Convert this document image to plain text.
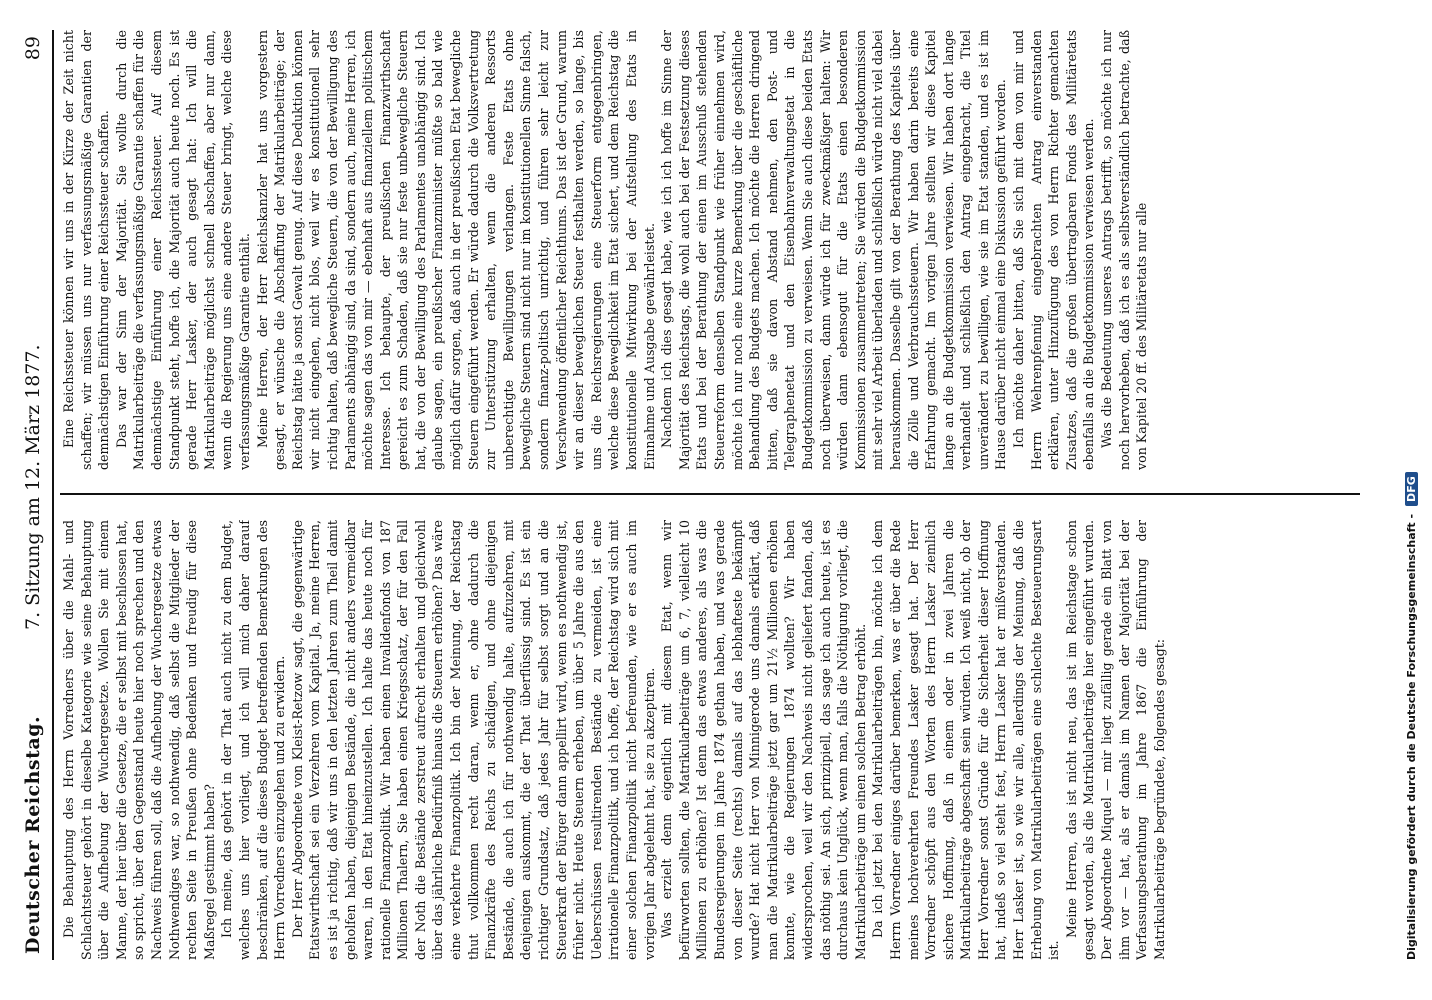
Deutscher Reichstag.
7. Sitzung am 12. März 1877.
89

Die Behauptung des Herrn Vorredners über die Mahl- und Schlachtsteuer gehört in dieselbe Kategorie wie seine Behauptung über die Aufhebung der Wuchergesetze. Wollen Sie mit einem Manne, der hier über die Gesetze, die er selbst mit beschlossen hat, so spricht, über den Gegenstand heute hier noch sprechen und den Nachweis führen soll, daß die Aufhebung der Wuchergesetze etwas Nothwendiges war, so nothwendig, daß selbst die Mitglieder der rechten Seite in Preußen ohne Bedenken und freudig für diese Maßregel gestimmt haben? Ich meine, das gehört in der That auch nicht zu dem Budget, welches uns hier vorliegt, und ich will mich daher darauf beschränken, auf die dieses Budget betreffenden Bemerkungen des Herrn Vorredners einzugehen und zu erwidern. Der Herr Abgeordnete von Kleist-Retzow sagt, die gegenwärtige Etatswirthschaft sei ein Verzehren vom Kapital. Ja, meine Herren, es ist ja richtig, daß wir uns in den letzten Jahren zum Theil damit geholfen haben, diejenigen Bestände, die nicht anders vermeidbar waren, in den Etat hineinzustellen. Ich halte das heute noch für rationelle Finanzpolitik. Wir haben einen Invalidenfonds von 187 Millionen Thalern, Sie haben einen Kriegsschatz, der für den Fall der Noth die Bestände zerstreut aufrecht erhalten und gleichwohl über das jährliche Bedürfniß hinaus die Steuern erhöhen? Das wäre eine verkehrte Finanzpolitik. Ich bin der Meinung, der Reichstag thut vollkommen recht daran, wenn er, ohne dadurch die Finanzkräfte des Reichs zu schädigen, und ohne diejenigen Bestände, die auch ich für nothwendig halte, aufzuzehren, mit denjenigen auskommt, die der That überflüssig sind. Es ist ein richtiger Grundsatz, daß jedes Jahr für selbst sorgt und an die Steuerkraft der Bürger dann appellirt wird, wenn es nothwendig ist, früher nicht. Heute Steuern erheben, um über 5 Jahre die aus den Ueberschüssen resultirenden Bestände zu vermeiden, ist eine irrationelle Finanzpolitik, und ich hoffe, der Reichstag wird sich mit einer solchen Finanzpolitik nicht befreunden, wie er es auch im vorigen Jahr abgelehnt hat, sie zu akzeptiren. Was erzielt denn eigentlich mit diesem Etat, wenn wir befürworten sollten, die Matrikularbeiträge um 6, 7, vielleicht 10 Millionen zu erhöhen? Ist denn das etwas anderes, als was die Bundesregierungen im Jahre 1874 gethan haben, und was gerade von dieser Seite (rechts) damals auf das lebhafteste bekämpft wurde? Hat nicht Herr von Minnigerode uns damals erklärt, daß man die Matrikularbeiträge jetzt gar um 21½ Millionen erhöhen konnte, wie die Regierungen 1874 wollten? Wir haben widersprochen, weil wir den Nachweis nicht geliefert fanden, daß das nöthig sei. An sich, prinzipiell, das sage ich auch heute, ist es durchaus kein Unglück, wenn man, falls die Nöthigung vorliegt, die Matrikularbeiträge um einen solchen Betrag erhöht. Da ich jetzt bei den Matrikularbeiträgen bin, möchte ich dem Herrn Vorredner einiges darüber bemerken, was er über die Rede meines hochverehrten Freundes Lasker gesagt hat. Der Herr Vorredner schöpft aus den Worten des Herrn Lasker ziemlich sichere Hoffnung, daß in einem oder in zwei Jahren die Matrikularbeiträge abgeschafft sein würden. Ich weiß nicht, ob der Herr Vorredner sonst Gründe für die Sicherheit dieser Hoffnung hat, indeß so viel steht fest, Herrn Lasker hat er mißverstanden. Herr Lasker ist, so wie wir alle, allerdings der Meinung, daß die Erhebung von Matrikularbeiträgen eine schlechte Besteuerungsart ist.

Meine Herren, das ist nicht neu, das ist im Reichstage schon gesagt worden, als die Matrikularbeiträge hier eingeführt wurden. Der Abgeordnete Miquel — mir liegt zufällig gerade ein Blatt von ihm vor — hat, als er damals im Namen der Majorität bei der Verfassungsberathung im Jahre 1867 die Einführung der Matrikularbeiträge begründete, folgendes gesagt:

Eine Reichssteuer können wir uns in der Kürze der Zeit nicht schaffen; wir müssen uns nur verfassungsmäßige Garantien der demnächstigen Einführung einer Reichssteuer schaffen. Das war der Sinn der Majorität. Sie wollte durch die Matrikularbeiträge die verfassungsmäßige Garantie schaffen für die demnächstige Einführung einer Reichssteuer. Auf diesem Standpunkt steht, hoffe ich, die Majorität auch heute noch. Es ist gerade Herr Lasker, der auch gesagt hat: Ich will die Matrikularbeiträge möglichst schnell abschaffen, aber nur dann, wenn die Regierung uns eine andere Steuer bringt, welche diese verfassungsmäßige Garantie enthält. Meine Herren, der Herr Reichskanzler hat uns vorgestern gesagt, er wünsche die Abschaffung der Matrikularbeiträge; der Reichstag hätte ja sonst Gewalt genug. Auf diese Deduktion können wir nicht eingehen, nicht blos, weil wir es konstitutionell sehr richtig halten, daß bewegliche Steuern, die von der Bewilligung des Parlaments abhängig sind, da sind, sondern auch, meine Herren, ich möchte sagen das von mir — ebenhaft aus finanziellem politischem Interesse. Ich behaupte, der preußischen Finanzwirthschaft gereicht es zum Schaden, daß sie nur feste unbewegliche Steuern hat, die von der Bewilligung des Parlamentes unabhängig sind. Ich glaube sagen, ein preußischer Finanzminister müßte so bald wie möglich dafür sorgen, daß auch in der preußischen Etat bewegliche Steuern eingeführt werden. Er würde dadurch die Volksvertretung zur Unterstützung erhalten, wenn die anderen Ressorts unberechtigte Bewilligungen verlangen. Feste Etats ohne bewegliche Steuern sind nicht nur im konstitutionellen Sinne falsch, sondern finanz-politisch unrichtig, und führen sehr leicht zur Verschwendung öffentlicher Reichthums. Das ist der Grund, warum wir an dieser beweglichen Steuer festhalten werden, so lange, bis uns die Reichsregierungen eine Steuerform entgegenbringen, welche diese Beweglichkeit im Etat sichert, und dem Reichstag die konstitutionelle Mitwirkung bei der Aufstellung des Etats in Einnahme und Ausgabe gewährleistet. Nachdem ich dies gesagt habe, wie ich ich hoffe im Sinne der Majorität des Reichstags, die wohl auch bei der Festsetzung dieses Etats und bei der Berathung der einen im Ausschuß stehenden Steuerreform denselben Standpunkt wie früher einnehmen wird, möchte ich nur noch eine kurze Bemerkung über die geschäftliche Behandlung des Budgets machen. Ich möchte die Herren dringend bitten, daß sie davon Abstand nehmen, den Post- und Telegraphenetat und den Eisenbahnverwaltungsetat in die Budgetkommission zu verweisen. Wenn Sie auch diese beiden Etats noch überweisen, dann würde ich für zweckmäßiger halten: Wir würden dann ebensogut für die Etats einen besonderen Kommissionen zusammentreten; Sie würden die Budgetkommission mit sehr viel Arbeit überladen und schließlich würde nicht viel dabei herauskommen. Dasselbe gilt von der Berathung des Kapitels über die Zölle und Verbrauchssteuern. Wir haben darin bereits eine Erfahrung gemacht. Im vorigen Jahre stellten wir diese Kapitel lange an die Budgetkommission verwiesen. Wir haben dort lange verhandelt und schließlich den Antrag eingebracht, die Titel unverändert zu bewilligen, wie sie im Etat standen, und es ist im Hause darüber nicht einmal eine Diskussion geführt worden. Ich möchte daher bitten, daß Sie sich mit dem von mir und Herrn Wehrenpfennig eingebrachten Antrag einverstanden erklären, unter Hinzufügung des von Herrn Richter gemachten Zusatzes, daß die großen übertragbaren Fonds des Militäretats ebenfalls an die Budgetkommission verwiesen werden. Was die Bedeutung unseres Antrags betrifft, so möchte ich nur noch hervorheben, daß ich es als selbstverständlich betrachte, daß von Kapitel 20 ff. des Militäretats nur alle

Digitalisierung gefördert durch die Deutsche Forschungsgemeinschaft -DFG
